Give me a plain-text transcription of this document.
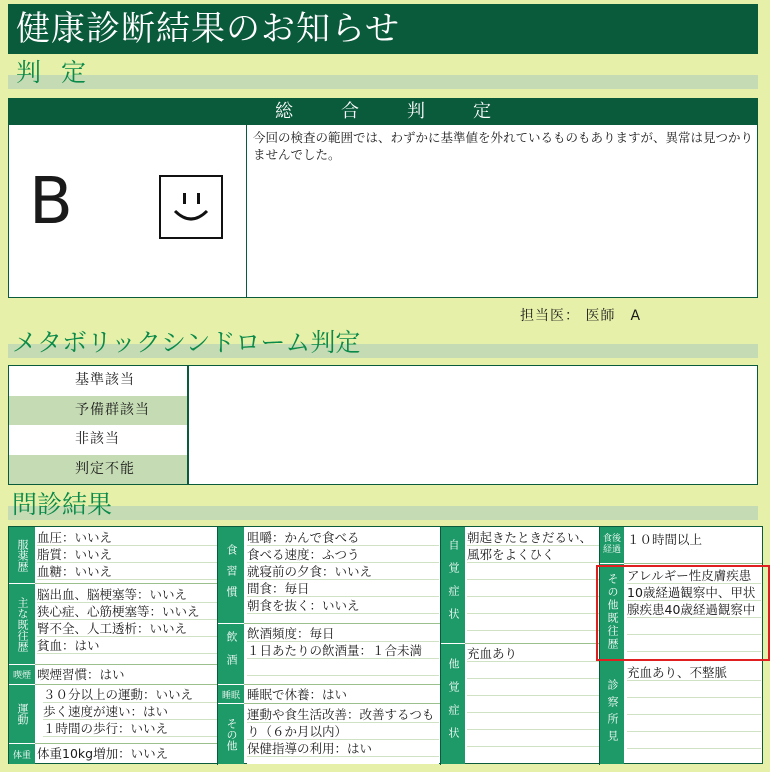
健康診断結果のお知らせ
判 定
総合判定
B
今回の検査の範囲では、わずかに基準値を外れているものもありますが、異常は見つかりませんでした。
担当医： 医師　A
メタボリックシンドローム判定
基準該当
予備群該当
非該当
判定不能
問診結果
服薬歴
主な既往歴
喫煙
運動
体重
血圧：いいえ
脂質：いいえ
血糖：いいえ
脳出血、脳梗塞等：いいえ
狭心症、心筋梗塞等：いいえ
腎不全、人工透析：いいえ
貧血：はい
喫煙習慣：はい
３０分以上の運動：いいえ
歩く速度が速い：はい
１時間の歩行：いいえ
体重10kg増加：いいえ
食習慣
飲酒
睡眠
その他
咀嚼：かんで食べる
食べる速度：ふつう
就寝前の夕食：いいえ
間食：毎日
朝食を抜く：いいえ
飲酒頻度：毎日
１日あたりの飲酒量：１合未満
睡眠で休養：はい
運動や食生活改善：改善するつも
り（６か月以内）
保健指導の利用：はい
自覚症状
他覚症状
朝起きたときだるい、
風邪をよくひく
充血あり
食後経過
その他既往歴
診察所見
１０時間以上
アレルギー性皮膚疾患
10歳経過観察中、甲状
腺疾患40歳経過観察中
充血あり、不整脈
